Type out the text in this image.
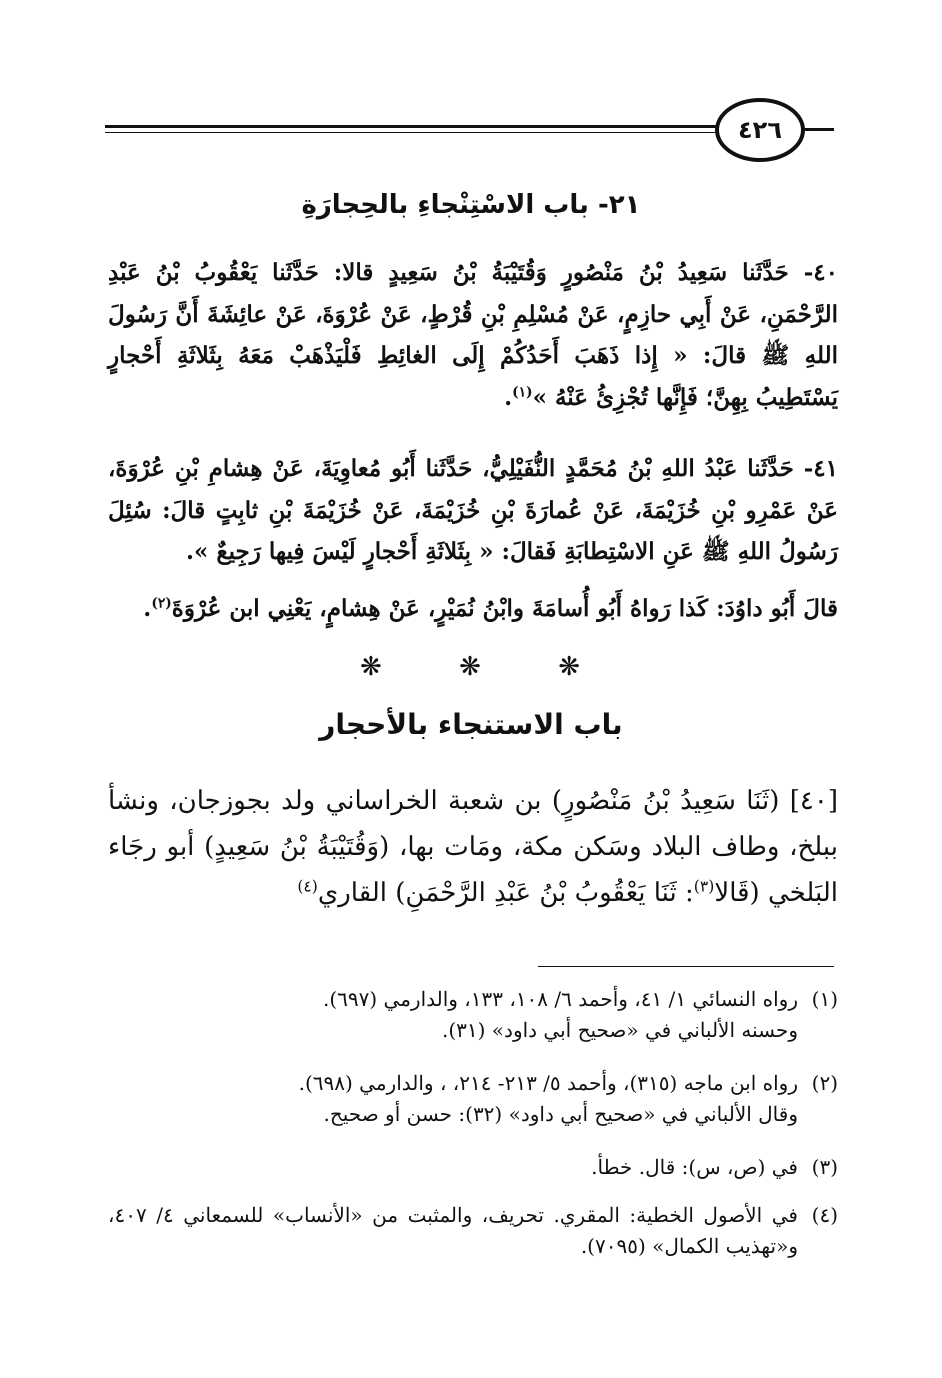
٤٢٦
٢١- باب الاسْتِنْجاءِ بالحِجارَةِ
٤٠- حَدَّثَنا سَعِيدُ بْنُ مَنْصُورٍ وَقُتَيْبَةُ بْنُ سَعِيدٍ قالا: حَدَّثَنا يَعْقُوبُ بْنُ عَبْدِ الرَّحْمَنِ، عَنْ أَبِي حازِمٍ، عَنْ مُسْلِمِ بْنِ قُرْطٍ، عَنْ عُرْوَةَ، عَنْ عائِشَةَ أَنَّ رَسُولَ اللهِ ﷺ قالَ: « إِذا ذَهَبَ أَحَدُكُمْ إِلَى الغائِطِ فَلْيَذْهَبْ مَعَهُ بِثَلاثَةِ أَحْجارٍ يَسْتَطِيبُ بِهِنَّ؛ فَإِنَّها تُجْزِئُ عَنْهُ »$^{(١)}$.
٤١- حَدَّثَنا عَبْدُ اللهِ بْنُ مُحَمَّدٍ النُّفَيْلِيُّ، حَدَّثَنا أَبُو مُعاوِيَةَ، عَنْ هِشامِ بْنِ عُرْوَةَ، عَنْ عَمْرِو بْنِ خُزَيْمَةَ، عَنْ عُمارَةَ بْنِ خُزَيْمَةَ، عَنْ خُزَيْمَةَ بْنِ ثابِتٍ قالَ: سُئِلَ رَسُولُ اللهِ ﷺ عَنِ الاسْتِطابَةِ فَقالَ: « بِثَلاثَةِ أَحْجارٍ لَيْسَ فِيها رَجِيعٌ ».
قالَ أَبُو داوُدَ: كَذا رَواهُ أَبُو أُسامَةَ وابْنُ نُمَيْرٍ، عَنْ هِشامٍ، يَعْنِي ابن عُرْوَةَ$^{(٢)}$.
❋	❋	❋
باب الاستنجاء بالأحجار
[٤٠] (ثَنَا سَعِيدُ بْنُ مَنْصُورٍ) بن شعبة الخراساني ولد بجوزجان، ونشأ ببلخ، وطاف البلاد وسَكن مكة، ومَات بها، (وَقُتَيْبَةُ بْنُ سَعِيدٍ) أبو رجَاء البَلخي (قَالا$^{(٣)}$: ثَنَا يَعْقُوبُ بْنُ عَبْدِ الرَّحْمَنِ) القاري$^{(٤)}$
(١)رواه النسائي ١/ ٤١، وأحمد ٦/ ١٠٨، ١٣٣، والدارمي (٦٩٧).
وحسنه الألباني في «صحيح أبي داود» (٣١).
(٢)رواه ابن ماجه (٣١٥)، وأحمد ٥/ ٢١٣- ٢١٤، ، والدارمي (٦٩٨).
وقال الألباني في «صحيح أبي داود» (٣٢): حسن أو صحيح.
(٣)في (ص، س): قال. خطأ.
(٤)
في الأصول الخطية: المقري. تحريف، والمثبت من «الأنساب» للسمعاني ٤/ ٤٠٧، و«تهذيب الكمال» (٧٠٩٥).
